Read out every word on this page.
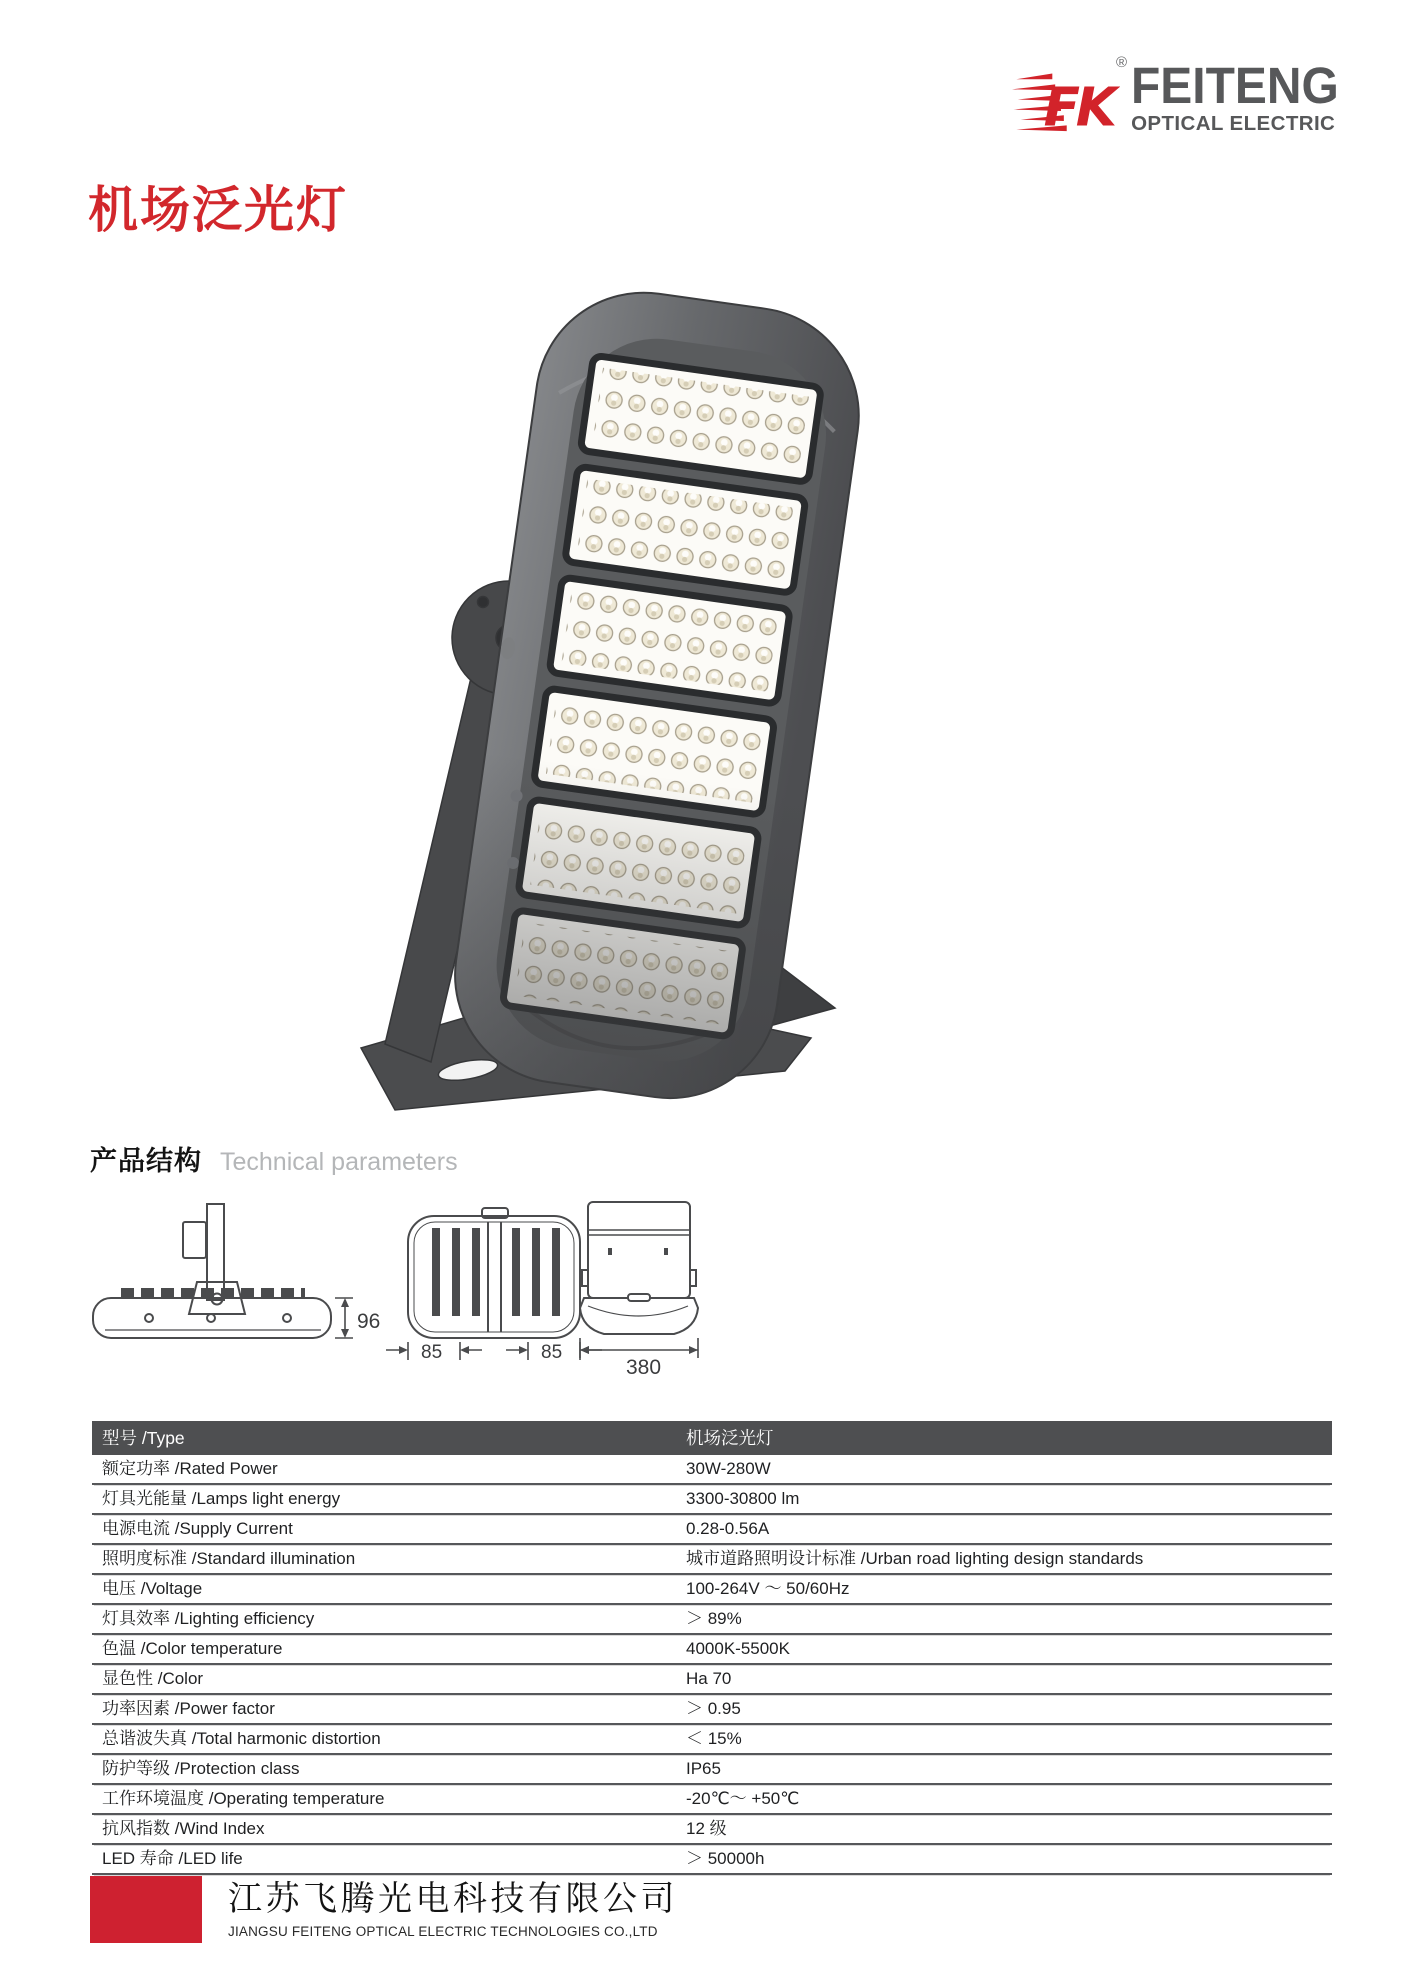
FK
® FEITENG
OPTICAL ELECTRIC
机场泛光灯
产品结构 Technical parameters
96
85	85
380
型号 /Type	机场泛光灯
额定功率 /Rated Power	30W-280W
灯具光能量 /Lamps light energy	3300-30800 lm
电源电流 /Supply Current	0.28-0.56A
照明度标准 /Standard illumination	城市道路照明设计标准 /Urban road lighting design standards
电压 /Voltage	100-264V ～ 50/60Hz
灯具效率 /Lighting efficiency	＞ 89%
色温 /Color temperature	4000K-5500K
显色性 /Color	Ha 70
功率因素 /Power factor	＞ 0.95
总谐波失真 /Total harmonic distortion	＜ 15%
防护等级 /Protection class	IP65
工作环境温度 /Operating temperature	-20℃～ +50℃
抗风指数 /Wind Index	12 级
LED 寿命 /LED life	＞ 50000h
江苏飞腾光电科技有限公司
JIANGSU FEITENG OPTICAL ELECTRIC TECHNOLOGIES CO.,LTD
